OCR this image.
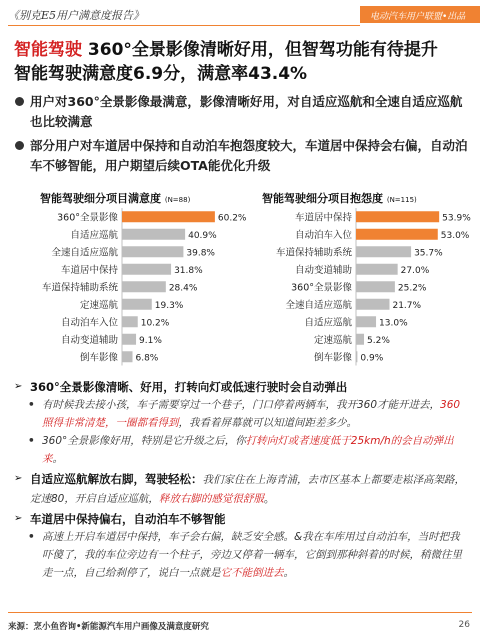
《别克E5用户满意度报告》	电动汽车用户联盟•出品
智能驾驶 360°全景影像清晰好用，但智驾功能有待提升
智能驾驶满意度6.9分，满意率43.4%
用户对360°全景影像最满意，影像清晰好用，对自适应巡航和全速自适应巡航也比较满意
部分用户对车道居中保持和自动泊车抱怨度较大，车道居中保持会右偏，自动泊车不够智能，用户期望后续OTA能优化升级
智能驾驶细分项目满意度 (N=88)	智能驾驶细分项目抱怨度 (N=115)
360°全景影像	60.2%
自适应巡航	40.9%
全速自适应巡航	39.8%
车道居中保持	31.8%
车道保持辅助系统	28.4%
定速巡航	19.3%
自动泊车入位	10.2%
自动变道辅助 9.1%
倒车影像 6.8%
车道居中保持	53.9%
自动泊车入位	53.0%
车道保持辅助系统	35.7%
自动变道辅助	27.0%
360°全景影像	25.2%
全速自适应巡航	21.7%
自适应巡航	13.0%
定速巡航 5.2%
倒车影像 0.9%
➢ 360°全景影像清晰、好用，打转向灯或低速行驶时会自动弹出
• 有时候我去接小孩，车子需要穿过一个巷子，门口停着两辆车，我开360才能开进去，360照得非常清楚，一圈都看得到，我看着屏幕就可以知道间距差多少。
• 360°全景影像好用，特别是它升级之后，你打转向灯或者速度低于25km/h的会自动弹出来。
➢ 自适应巡航解放右脚，驾驶轻松：我们家住在上海青浦，去市区基本上都要走崧泽高架路，定速80，开启自适应巡航，释放右脚的感觉很舒服。
➢ 车道居中保持偏右，自动泊车不够智能
• 高速上开启车道居中保持，车子会右偏，缺乏安全感。&我在车库用过自动泊车，当时把我吓傻了，我的车位旁边有一个柱子，旁边又停着一辆车，它倒到那种斜着的时候，稍微往里走一点，自己给刹停了，说白一点就是它不能倒进去。
来源：烹小鱼咨询•新能源汽车用户画像及满意度研究	26
